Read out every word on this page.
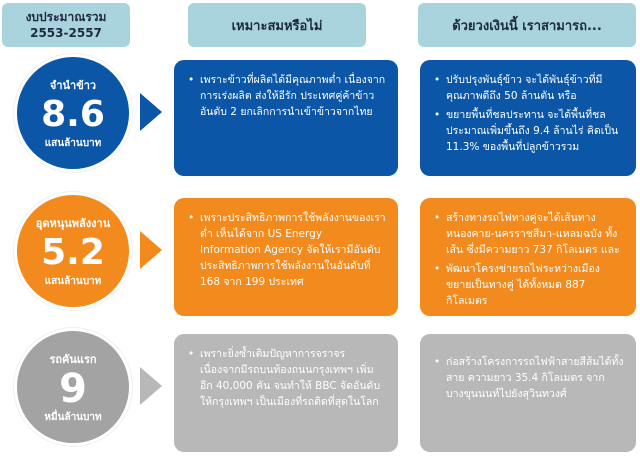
งบประมาณรวม
2553-2557	เหมาะสมหรือไม่	ด้วยวงเงินนี้ เราสามารถ...
จำนำข้าว
8.6
แสนล้านบาท
• เพราะข้าวที่ผลิตได้มีคุณภาพต่ำ เนื่องจากการเร่งผลิต ส่งให้อีรัก ประเทศคู่ค้าข้าวอันดับ 2 ยกเลิกการนำเข้าข้าวจากไทย
• ปรับปรุงพันธุ์ข้าว จะได้พันธุ์ข้าวที่มีคุณภาพดีถึง 50 ล้านตัน หรือ
• ขยายพื้นที่ชลประทาน จะได้พื้นที่ชลประมาณเพิ่มขึ้นถึง 9.4 ล้านไร่ คิดเป็น 11.3% ของพื้นที่ปลูกข้าวรวม
อุดหนุนพลังงาน
5.2
แสนล้านบาท
• เพราะประสิทธิภาพการใช้พลังงานของเราต่ำ เห็นได้จาก US Energy Information Agency จัดให้เรามีอันดับประสิทธิภาพการใช้พลังงานในอันดับที่ 168 จาก 199 ประเทศ
• สร้างทางรถไฟทางคู่จะได้เส้นทางหนองคาย-นครราชสีมา-แหลมฉบัง ทั้งเส้น ซึ่งมีความยาว 737 กิโลเมตร และ
• พัฒนาโครงข่ายรถไฟระหว่างเมือง ขยายเป็นทางคู่ ได้ทั้งหมด 887 กิโลเมตร
รถคันแรก
9
หมื่นล้านบาท
• เพราะยิ่งซ้ำเติมปัญหาการจราจร เนื่องจากมีรถบนท้องถนนกรุงเทพฯ เพิ่มอีก 40,000 คัน จนทำให้ BBC จัดอันดับให้กรุงเทพฯ เป็นเมืองที่รถติดที่สุดในโลก
• ก่อสร้างโครงการรถไฟฟ้าสายสีส้มได้ทั้งสาย ความยาว 35.4 กิโลเมตร จากบางขุนนนท์ไปยังสุวินทวงศ์
